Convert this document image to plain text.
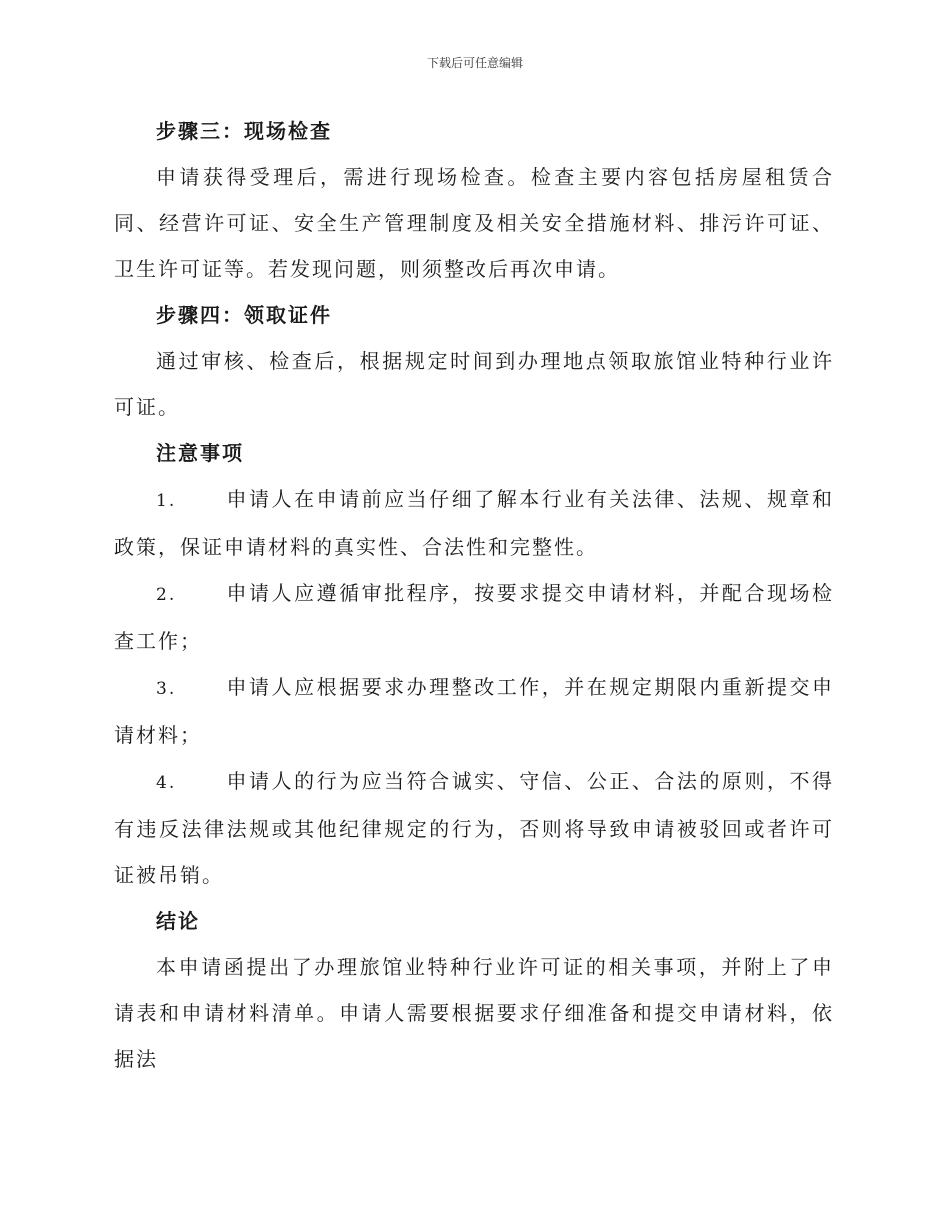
下载后可任意编辑

步骤三：现场检查

申请获得受理后，需进行现场检查。检查主要内容包括房屋租赁合同、经营许可证、安全生产管理制度及相关安全措施材料、排污许可证、卫生许可证等。若发现问题，则须整改后再次申请。

步骤四：领取证件

通过审核、检查后，根据规定时间到办理地点领取旅馆业特种行业许可证。

注意事项

1. 申请人在申请前应当仔细了解本行业有关法律、法规、规章和政策，保证申请材料的真实性、合法性和完整性。

2. 申请人应遵循审批程序，按要求提交申请材料，并配合现场检查工作；

3. 申请人应根据要求办理整改工作，并在规定期限内重新提交申请材料；

4. 申请人的行为应当符合诚实、守信、公正、合法的原则，不得有违反法律法规或其他纪律规定的行为，否则将导致申请被驳回或者许可证被吊销。

结论

本申请函提出了办理旅馆业特种行业许可证的相关事项，并附上了申请表和申请材料清单。申请人需要根据要求仔细准备和提交申请材料，依据法
